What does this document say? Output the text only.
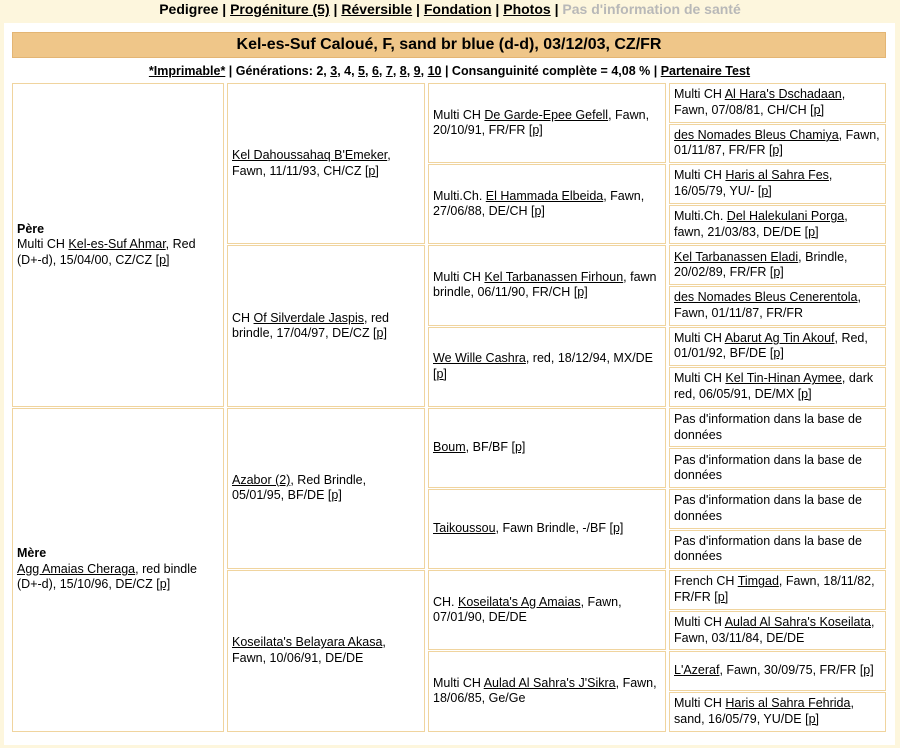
Pedigree | Progéniture (5) | Réversible | Fondation | Photos | Pas d'information de santé
Kel-es-Suf Caloué, F, sand br blue (d-d), 03/12/03, CZ/FR
*Imprimable* | Générations: 2, 3, 4, 5, 6, 7, 8, 9, 10 | Consanguinité complète = 4,08 % | Partenaire Test
Père
Multi CH Kel-es-Suf Ahmar, Red (D+-d), 15/04/00, CZ/CZ [p]
Mère
Agg Amaias Cheraga, red bindle (D+-d), 15/10/96, DE/CZ [p]
Kel Dahoussahaq B'Emeker, Fawn, 11/11/93, CH/CZ [p]
CH Of Silverdale Jaspis, red brindle, 17/04/97, DE/CZ [p]
Azabor (2), Red Brindle, 05/01/95, BF/DE [p]
Koseilata's Belayara Akasa, Fawn, 10/06/91, DE/DE
Multi CH De Garde-Epee Gefell, Fawn, 20/10/91, FR/FR [p]
Multi.Ch. El Hammada Elbeida, Fawn, 27/06/88, DE/CH [p]
Multi CH Kel Tarbanassen Firhoun, fawn brindle, 06/11/90, FR/CH [p]
We Wille Cashra, red, 18/12/94, MX/DE [p]
Boum, BF/BF [p]
Taikoussou, Fawn Brindle, -/BF [p]
CH. Koseilata's Ag Amaias, Fawn, 07/01/90, DE/DE
Multi CH Aulad Al Sahra's J'Sikra, Fawn, 18/06/85, Ge/Ge
Multi CH Al Hara's Dschadaan, Fawn, 07/08/81, CH/CH [p]
des Nomades Bleus Chamiya, Fawn, 01/11/87, FR/FR [p]
Multi CH Haris al Sahra Fes, 16/05/79, YU/- [p]
Multi.Ch. Del Halekulani Porga, fawn, 21/03/83, DE/DE [p]
Kel Tarbanassen Eladi, Brindle, 20/02/89, FR/FR [p]
des Nomades Bleus Cenerentola, Fawn, 01/11/87, FR/FR
Multi CH Abarut Ag Tin Akouf, Red, 01/01/92, BF/DE [p]
Multi CH Kel Tin-Hinan Aymee, dark red, 06/05/91, DE/MX [p]
Pas d'information dans la base de données
Pas d'information dans la base de données
Pas d'information dans la base de données
Pas d'information dans la base de données
French CH Timgad, Fawn, 18/11/82, FR/FR [p]
Multi CH Aulad Al Sahra's Koseilata, Fawn, 03/11/84, DE/DE
L'Azeraf, Fawn, 30/09/75, FR/FR [p]
Multi CH Haris al Sahra Fehrida, sand, 16/05/79, YU/DE [p]
